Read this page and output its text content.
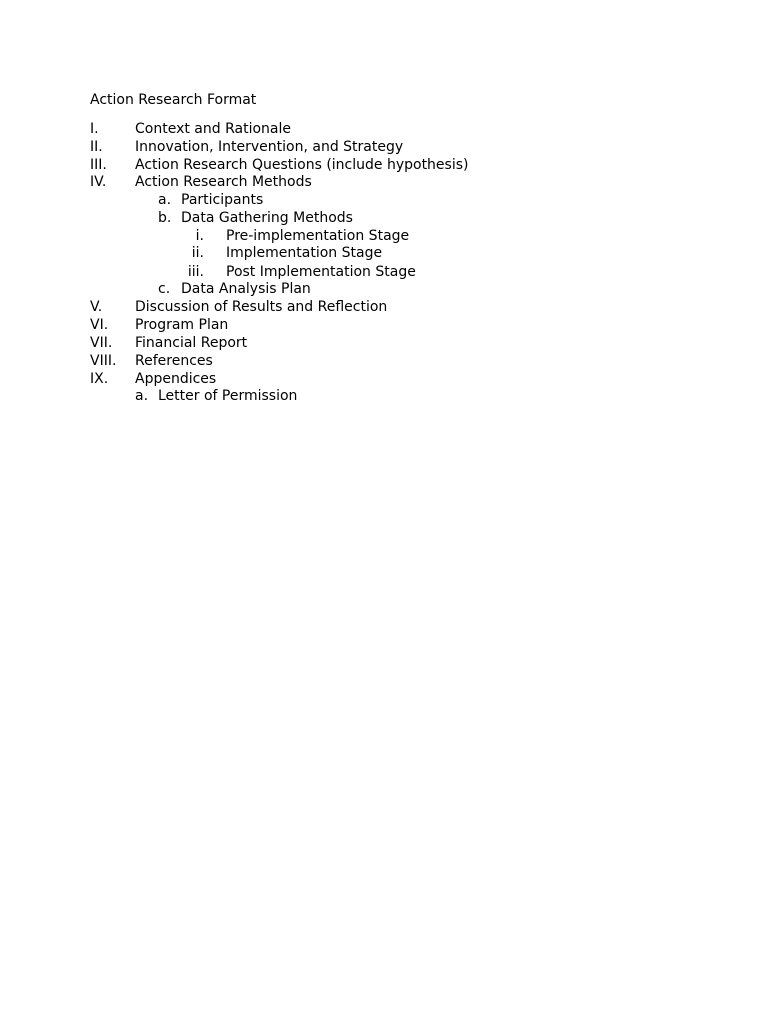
Action Research Format
I.	Context and Rationale
II. Innovation, Intervention, and Strategy
III. Action Research Questions (include hypothesis)
IV. Action Research Methods
a. Participants
b. Data Gathering Methods
i. Pre-implementation Stage
ii. Implementation Stage
iii. Post Implementation Stage
c. Data Analysis Plan
V. Discussion of Results and Reflection
VI. Program Plan
VII. Financial Report
VIII. References
IX. Appendices
a. Letter of Permission
